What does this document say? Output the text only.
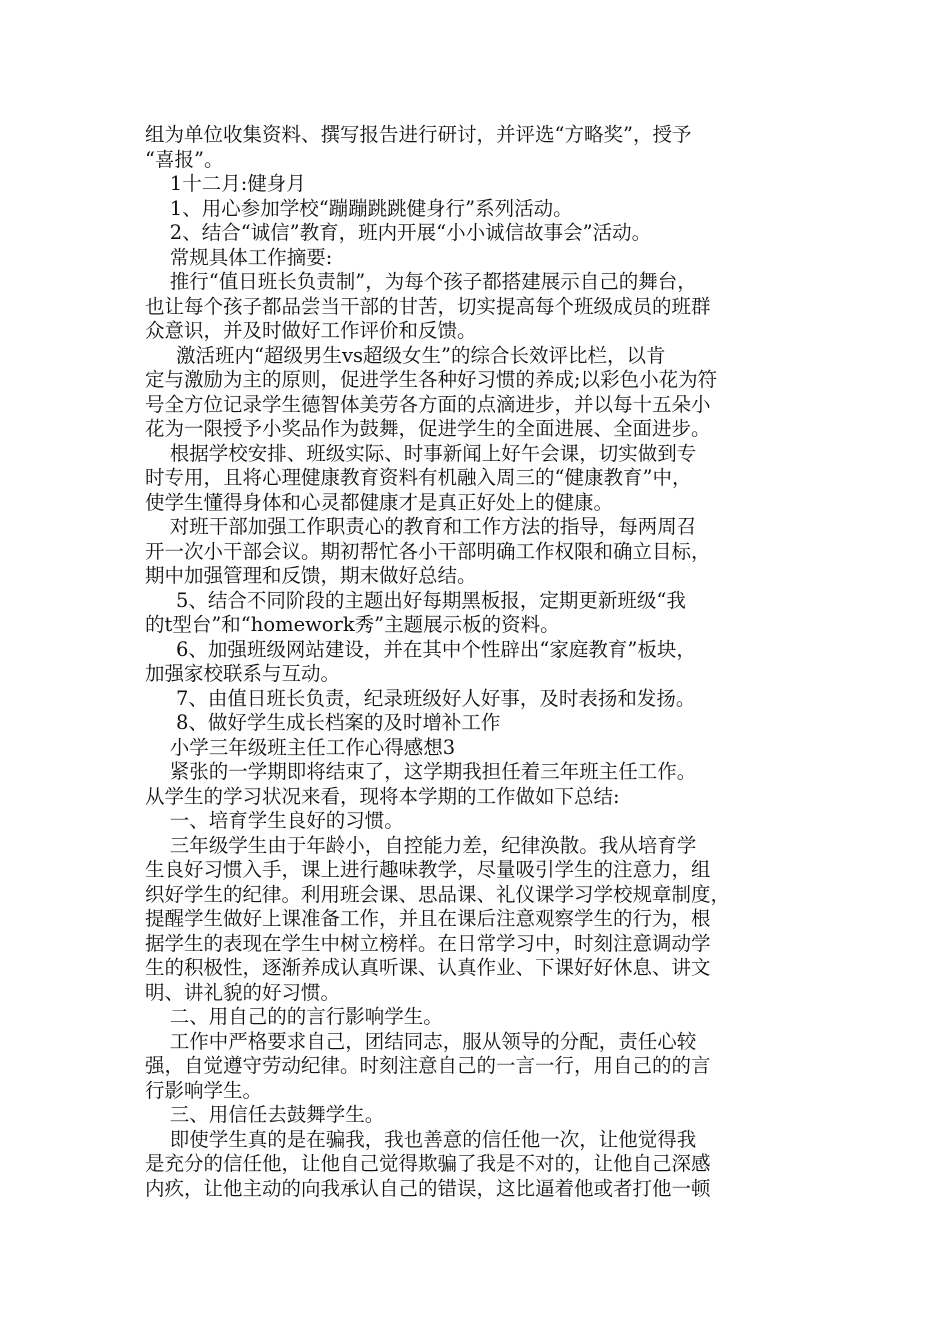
组为单位收集资料、撰写报告进行研讨，并评选“方略奖”，授予
“喜报”。
1十二月:健身月
1、用心参加学校“蹦蹦跳跳健身行”系列活动。
2、结合“诚信”教育，班内开展“小小诚信故事会”活动。
常规具体工作摘要:
推行“值日班长负责制”，为每个孩子都搭建展示自己的舞台，
也让每个孩子都品尝当干部的甘苦，切实提高每个班级成员的班群
众意识，并及时做好工作评价和反馈。
激活班内“超级男生vs超级女生”的综合长效评比栏，以肯
定与激励为主的原则，促进学生各种好习惯的养成;以彩色小花为符
号全方位记录学生德智体美劳各方面的点滴进步，并以每十五朵小
花为一限授予小奖品作为鼓舞，促进学生的全面进展、全面进步。
根据学校安排、班级实际、时事新闻上好午会课，切实做到专
时专用，且将心理健康教育资料有机融入周三的“健康教育”中，
使学生懂得身体和心灵都健康才是真正好处上的健康。
对班干部加强工作职责心的教育和工作方法的指导，每两周召
开一次小干部会议。期初帮忙各小干部明确工作权限和确立目标，
期中加强管理和反馈，期末做好总结。
5、结合不同阶段的主题出好每期黑板报，定期更新班级“我
的t型台”和“homework秀”主题展示板的资料。
6、加强班级网站建设，并在其中个性辟出“家庭教育”板块，
加强家校联系与互动。
7、由值日班长负责，纪录班级好人好事，及时表扬和发扬。
8、做好学生成长档案的及时增补工作
小学三年级班主任工作心得感想3
紧张的一学期即将结束了，这学期我担任着三年班主任工作。
从学生的学习状况来看，现将本学期的工作做如下总结:
一、培育学生良好的习惯。
三年级学生由于年龄小，自控能力差，纪律涣散。我从培育学
生良好习惯入手，课上进行趣味教学，尽量吸引学生的注意力，组
织好学生的纪律。利用班会课、思品课、礼仪课学习学校规章制度，
提醒学生做好上课准备工作，并且在课后注意观察学生的行为，根
据学生的表现在学生中树立榜样。在日常学习中，时刻注意调动学
生的积极性，逐渐养成认真听课、认真作业、下课好好休息、讲文
明、讲礼貌的好习惯。
二、用自己的的言行影响学生。
工作中严格要求自己，团结同志，服从领导的分配，责任心较
强，自觉遵守劳动纪律。时刻注意自己的一言一行，用自己的的言
行影响学生。
三、用信任去鼓舞学生。
即使学生真的是在骗我，我也善意的信任他一次，让他觉得我
是充分的信任他，让他自己觉得欺骗了我是不对的，让他自己深感
内疚，让他主动的向我承认自己的错误，这比逼着他或者打他一顿
